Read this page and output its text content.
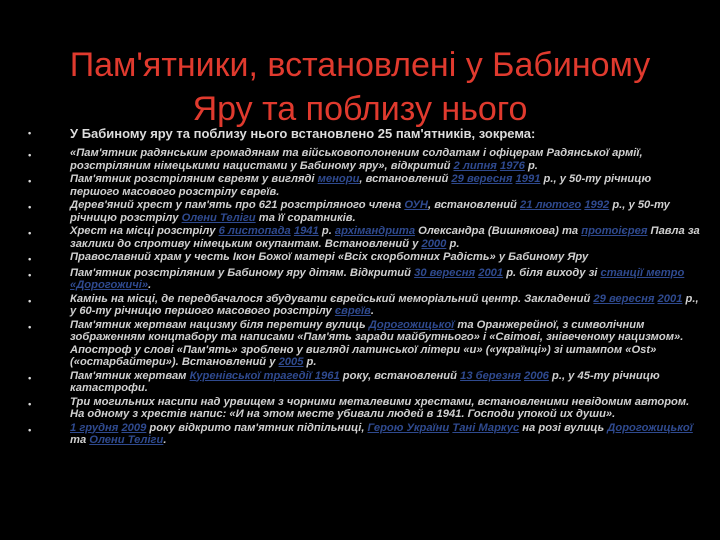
Пам'ятники, встановлені у Бабиному Яру та поблизу нього
•	У Бабиному яру та поблизу нього встановлено 25 пам'ятників, зокрема:
•	«Пам'ятник радянським громадянам та військовополоненим солдатам і офіцерам Радянської армії, розстріляним німецькими нацистами у Бабиному яру», відкритий 2 липня 1976 р.
•	Пам'ятник розстріляним євреям у вигляді менори, встановлений 29 вересня 1991 р., у 50-ту річницю першого масового розстрілу євреїв.
•	Дерев'яний хрест у пам'ять про 621 розстріляного члена ОУН, встановлений 21 лютого 1992 р., у 50-ту річницю розстрілу Олени Теліги та її соратників.
•	Хрест на місці розстрілу 6 листопада 1941 р. архімандрита Олександра (Вишнякова) та протоієрея Павла за заклики до спротиву німецьким окупантам. Встановлений у 2000 р.
•	Православний храм у честь Ікон Божої матері «Всіх скорботних Радість» у Бабиному Яру
•	Пам'ятник розстріляним у Бабиному яру дітям. Відкритий 30 вересня 2001 р. біля виходу зі станції метро «Дорогожичі».
•	Камінь на місці, де передбачалося збудувати єврейський меморіальний центр. Закладений 29 вересня 2001 р., у 60-ту річницю першого масового розстрілу євреїв.
•	Пам'ятник жертвам нацизму біля перетину вулиць Дорогожицької та Оранжерейної, з символічним зображенням концтабору та написами «Пам'ять заради майбутнього» і «Світові, знівеченому нацизмом». Апостроф у слові «Пам'ять» зроблено у вигляді латинської літери «и» («українці») зі штампом «Ost» («остарбайтери»). Встановлений у 2005 р.
•	Пам'ятник жертвам Куренівської трагедії 1961 року, встановлений 13 березня 2006 р., у 45-ту річницю катастрофи.
•	Три могильних насипи над урвищем з чорними металевими хрестами, встановленими невідомим автором. На одному з хрестів напис: «И на этом месте убивали людей в 1941. Господи упокой их души».
•	1 грудня 2009 року відкрито пам'ятник підпільниці, Герою України Тані Маркус на розі вулиць Дорогожицької та Олени Теліги.
